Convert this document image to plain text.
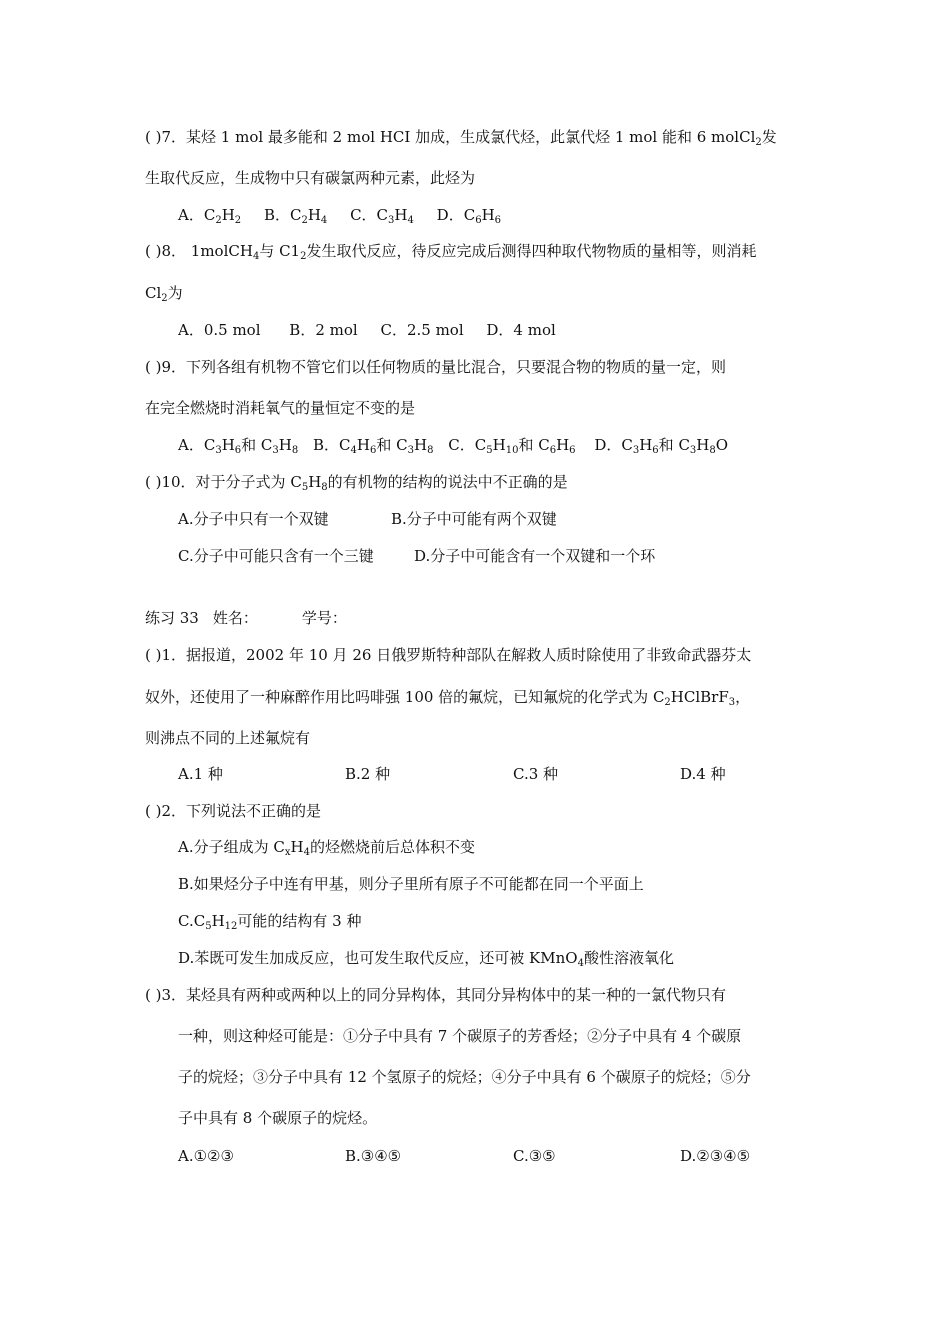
( )7．某烃 1 mol 最多能和 2 mol HCI 加成，生成氯代烃，此氯代烃 1 mol 能和 6 molCl$_2$发
生取代反应，生成物中只有碳氯两种元素，此烃为
A．$C_2H_2$ B．$C_2H_4$ C．$C_3H_4$ D．$C_6H_6$
( )8． 1molCH$_4$与 $C1_2$发生取代反应，待反应完成后测得四种取代物物质的量相等，则消耗
$Cl_2$为
A．0.5 mol B．2 mol C．2.5 mol D．4 mol
( )9．下列各组有机物不管它们以任何物质的量比混合，只要混合物的物质的量一定，则
在完全燃烧时消耗氧气的量恒定不变的是
A．$C_3H_6$和 $C_3H_8$ B．$C_4H_6$和 $C_3H_8$ C．$C_5H_{10}$和 $C_6H_6$ D．$C_3H_6$和 $C_3H_8O$
( )10．对于分子式为 $C_5H_8$的有机物的结构的说法中不正确的是
A.分子中只有一个双键	B.分子中可能有两个双键
C.分子中可能只含有一个三键	D.分子中可能含有一个双键和一个环
练习 33 姓名：	学号：
( )1．据报道，2002 年 10 月 26 日俄罗斯特种部队在解救人质时除使用了非致命武器芬太
奴外，还使用了一种麻醉作用比吗啡强 100 倍的氟烷，已知氟烷的化学式为 $C_2HClBrF_3$，
则沸点不同的上述氟烷有
A.1 种	B.2 种	C.3 种	D.4 种
( )2．下列说法不正确的是
A.分子组成为 $C_xH_4$的烃燃烧前后总体积不变
B.如果烃分子中连有甲基，则分子里所有原子不可能都在同一个平面上
$C.C_5H_{12}$可能的结构有 3 种
D.苯既可发生加成反应，也可发生取代反应，还可被 KMnO$_4$酸性溶液氧化
( )3．某烃具有两种或两种以上的同分异构体，其同分异构体中的某一种的一氯代物只有
一种，则这种烃可能是：①分子中具有 7 个碳原子的芳香烃；②分子中具有 4 个碳原
子的烷烃；③分子中具有 12 个氢原子的烷烃；④分子中具有 6 个碳原子的烷烃；⑤分
子中具有 8 个碳原子的烷烃。
A.①②③	B.③④⑤	C.③⑤	D.②③④⑤
